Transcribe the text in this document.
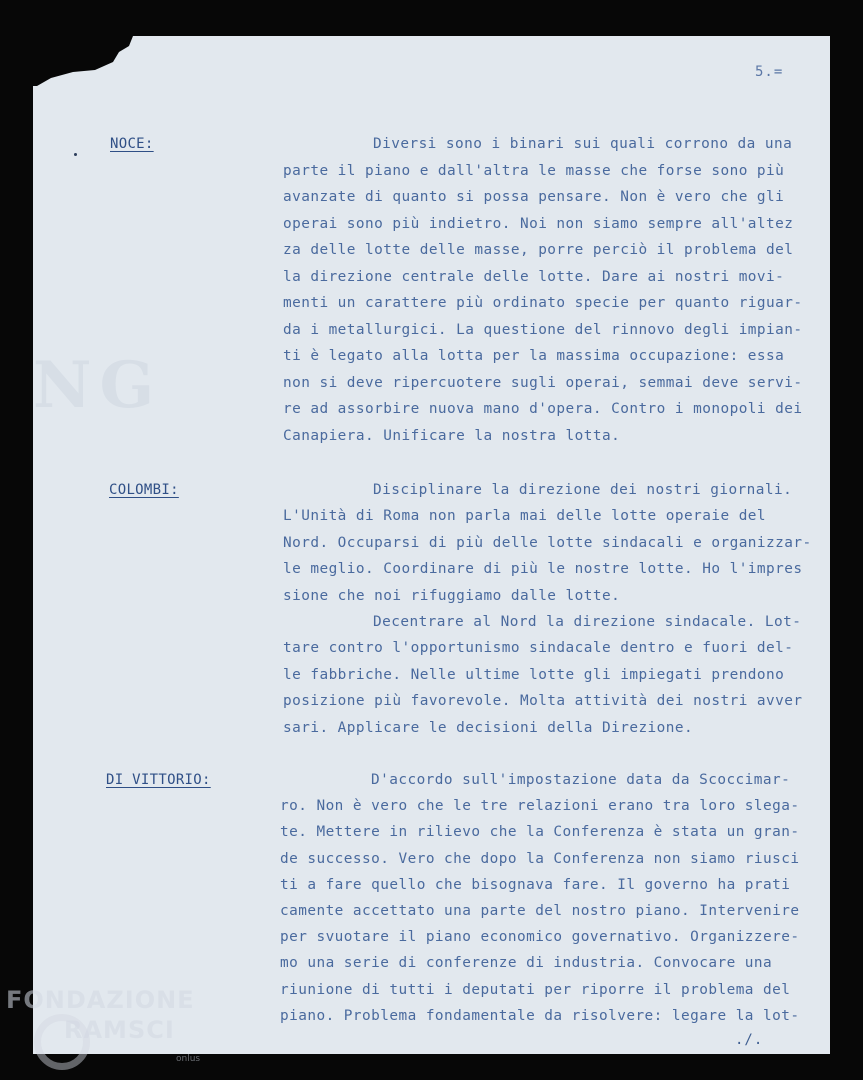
NG
5.=
NOCE:
COLOMBI:
DI VITTORIO:
Diversi sono i binari sui quali corrono da una
parte il piano e dall'altra le masse che forse sono più
avanzate di quanto si possa pensare. Non è vero che gli
operai sono più indietro. Noi non siamo sempre all'altez
za delle lotte delle masse, porre perciò il problema del
la direzione centrale delle lotte. Dare ai nostri movi-
menti un carattere più ordinato specie per quanto riguar-
da i metallurgici. La questione del rinnovo degli impian-
ti è legato alla lotta per la massima occupazione: essa
non si deve ripercuotere sugli operai, semmai deve servi-
re ad assorbire nuova mano d'opera. Contro i monopoli dei
Canapiera. Unificare la nostra lotta.
Disciplinare la direzione dei nostri giornali.
L'Unità di Roma non parla mai delle lotte operaie del
Nord. Occuparsi di più delle lotte sindacali e organizzar-
le meglio. Coordinare di più le nostre lotte. Ho l'impres
sione che noi rifuggiamo dalle lotte.
Decentrare al Nord la direzione sindacale. Lot-
tare contro l'opportunismo sindacale dentro e fuori del-
le fabbriche. Nelle ultime lotte gli impiegati prendono
posizione più favorevole. Molta attività dei nostri avver
sari. Applicare le decisioni della Direzione.
D'accordo sull'impostazione data da Scoccimar-
ro. Non è vero che le tre relazioni erano tra loro slega-
te. Mettere in rilievo che la Conferenza è stata un gran-
de successo. Vero che dopo la Conferenza non siamo riusci
ti a fare quello che bisognava fare. Il governo ha prati
camente accettato una parte del nostro piano. Intervenire
per svuotare il piano economico governativo. Organizzere-
mo una serie di conferenze di industria. Convocare una
riunione di tutti i deputati per riporre il problema del
piano. Problema fondamentale da risolvere: legare la lot-
./.
FONDAZIONE
RAMSCI
onlus
